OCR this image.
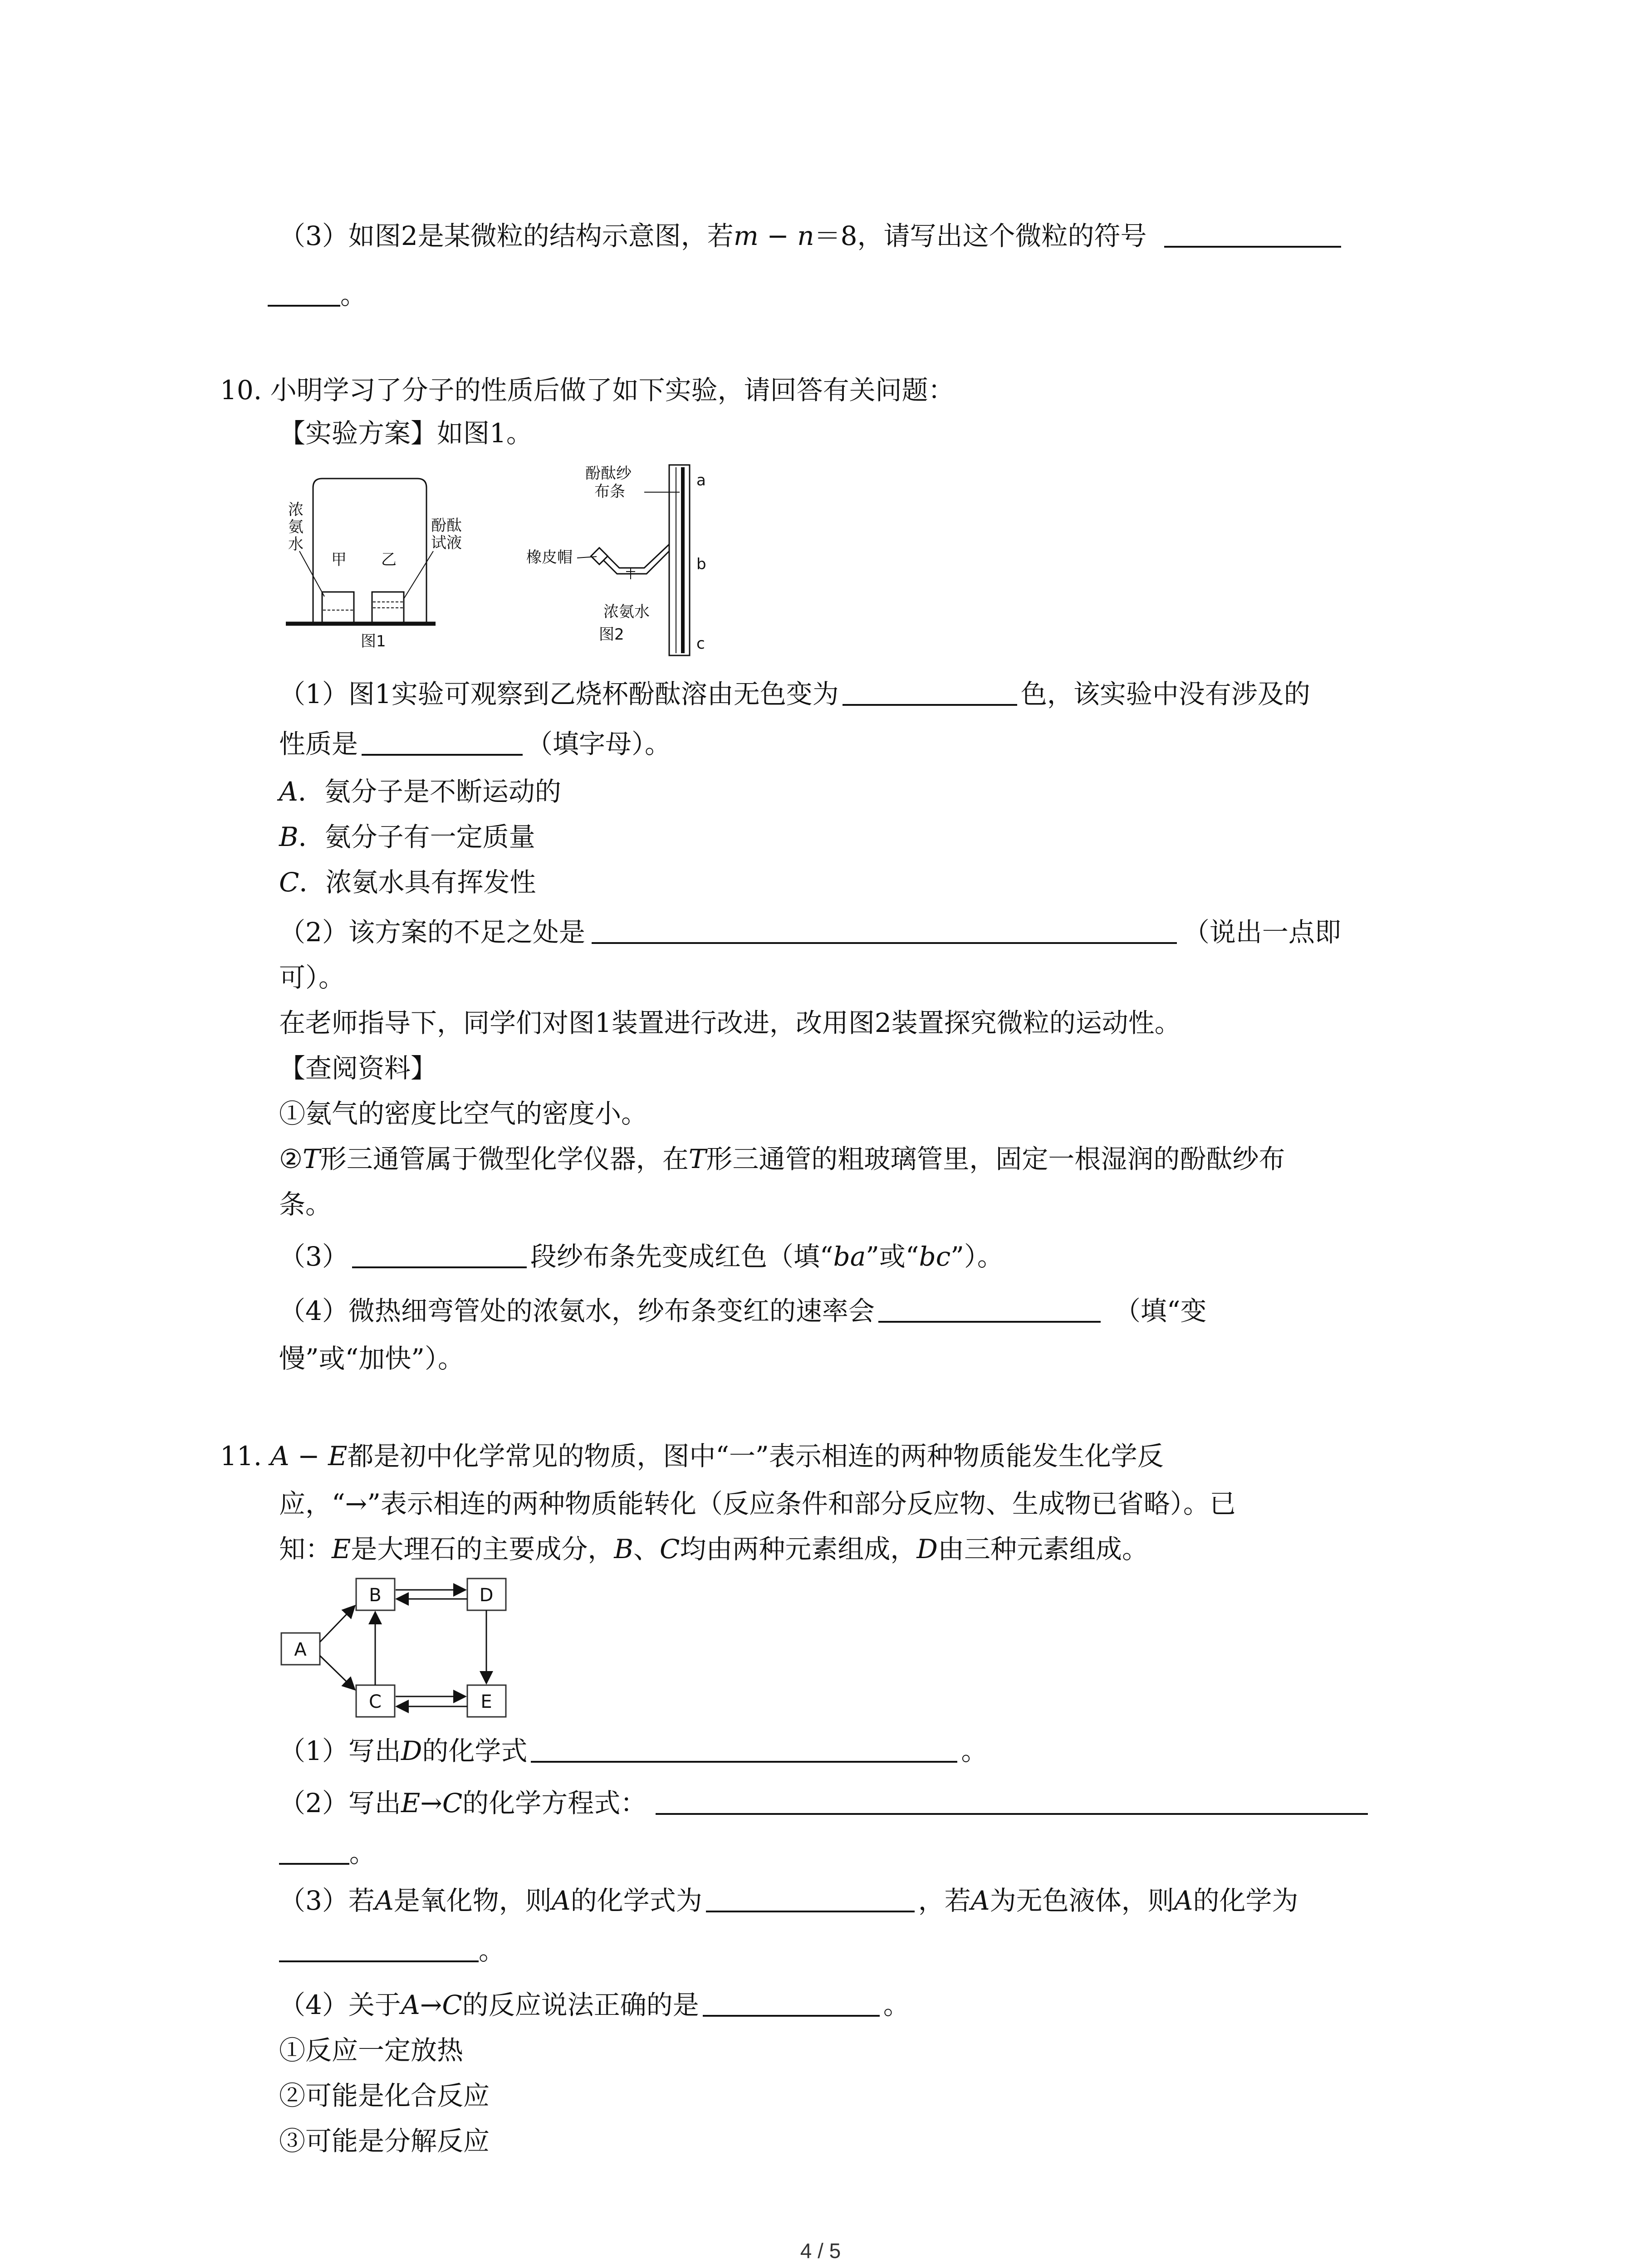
（3）如图2是某微粒的结构示意图，若m − n＝8，请写出这个微粒的符号
。
10. 小明学习了分子的性质后做了如下实验，请回答有关问题：
【实验方案】如图1。
浓
氨
水
甲 乙
酚酞
试液
图1
酚酞纱
布条
橡皮帽
浓氨水
图2
a
b
c
（1）图1实验可观察到乙烧杯酚酞溶由无色变为	色，该实验中没有涉及的
性质是	（填字母）。
A．氨分子是不断运动的
B．氨分子有一定质量
C．浓氨水具有挥发性
（2）该方案的不足之处是	（说出一点即
可）。
在老师指导下，同学们对图1装置进行改进，改用图2装置探究微粒的运动性。
【查阅资料】
①氨气的密度比空气的密度小。
②T形三通管属于微型化学仪器，在T形三通管的粗玻璃管里，固定一根湿润的酚酞纱布
条。
（3）	段纱布条先变成红色（填“ba”或“bc”）。
（4）微热细弯管处的浓氨水，纱布条变红的速率会	（填“变
慢”或“加快”）。
11. A − E都是初中化学常见的物质，图中“一”表示相连的两种物质能发生化学反
应，“→”表示相连的两种物质能转化（反应条件和部分反应物、生成物已省略）。已
知：E是大理石的主要成分，B、C均由两种元素组成，D由三种元素组成。
A
B	D
C	E
（1）写出D的化学式	。
（2）写出E→C的化学方程式：
。
（3）若A是氧化物，则A的化学式为	，若A为无色液体，则A的化学为
。
（4）关于A→C的反应说法正确的是	。
①反应一定放热
②可能是化合反应
③可能是分解反应
4 / 5
